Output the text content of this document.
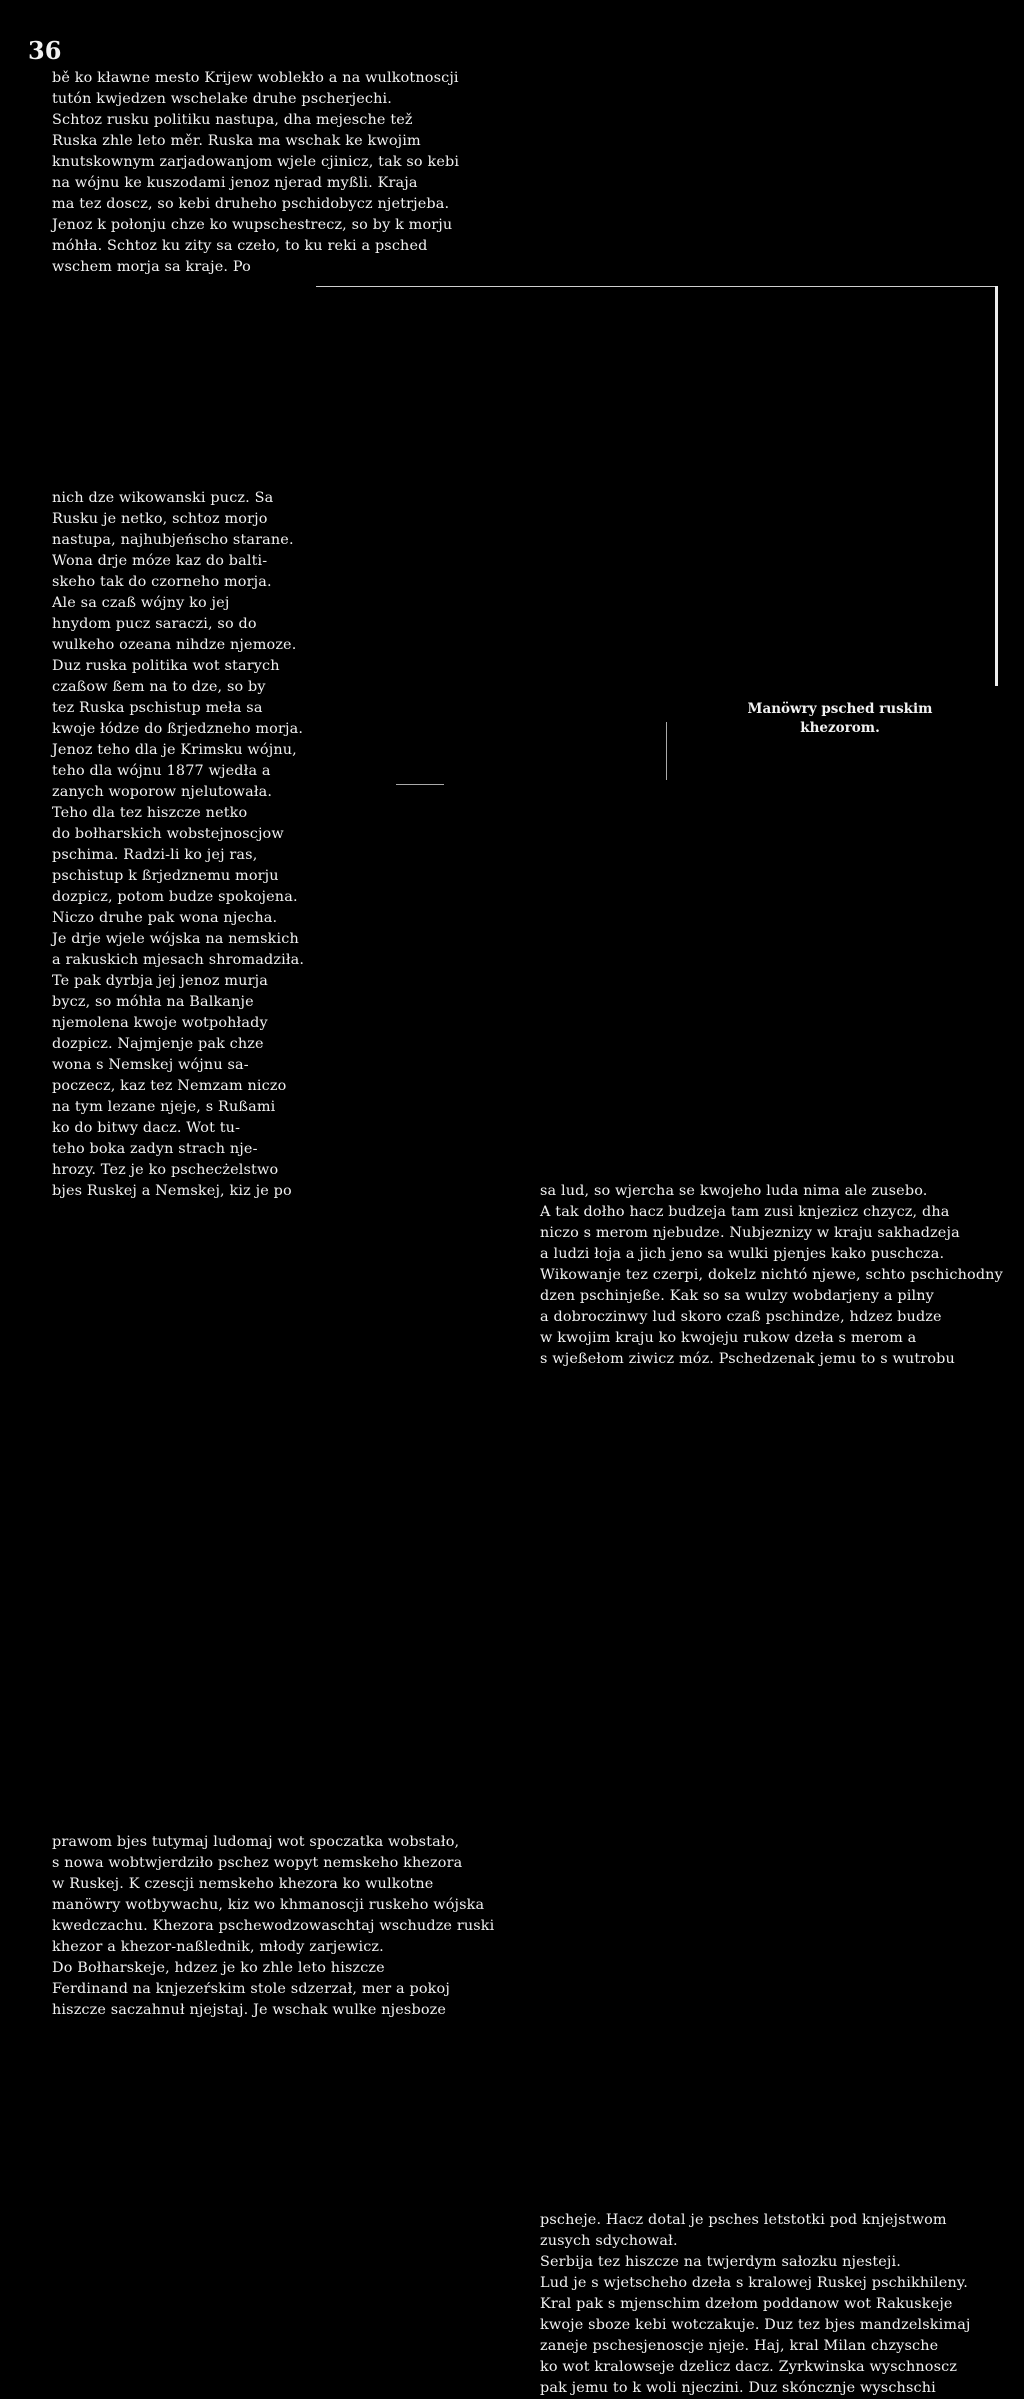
36
bě ko kławne mesto Krijew woblekło a na wulkotnoscji
tutón kwjedzen wschelake druhe pscherjechi.
Schtoz rusku politiku nastupa, dha mejesche tež
Ruska zhle leto měr. Ruska ma wschak ke kwojim
knutskownym zarjadowanjom wjele cjinicz, tak so kebi
na wójnu ke kuszodami jenoz njerad myßli. Kraja
ma tez doscz, so kebi druheho pschidobycz njetrjeba.
Jenoz k połonju chze ko wupschestrecz, so by k morju
móhła. Schtoz ku zity sa czeło, to ku reki a psched
wschem morja sa kraje. Po
nich dze wikowanski pucz. Sa
Rusku je netko, schtoz morjo
nastupa, najhubjeńscho starane.
Wona drje móze kaz do balti-
skeho tak do czorneho morja.
Ale sa czaß wójny ko jej
hnydom pucz saraczi, so do
wulkeho ozeana nihdze njemoze.
Duz ruska politika wot starych
czaßow ßem na to dze, so by
tez Ruska pschistup meła sa
kwoje łódze do ßrjedzneho morja.
Jenoz teho dla je Krimsku wójnu,
teho dla wójnu 1877 wjedła a
zanych woporow njelutowała.
Teho dla tez hiszcze netko
do bołharskich wobstejnoscjow
pschima. Radzi-li ko jej ras,
pschistup k ßrjedznemu morju
dozpicz, potom budze spokojena.
Niczo druhe pak wona njecha.
Je drje wjele wójska na nemskich
a rakuskich mjesach shromadziła.
Te pak dyrbja jej jenoz murja
bycz, so móhła na Balkanje
njemolena kwoje wotpohłady
dozpicz. Najmjenje pak chze
wona s Nemskej wójnu sa-
poczecz, kaz tez Nemzam niczo
na tym lezane njeje, s Rußami
ko do bitwy dacz. Wot tu-
teho boka zadyn strach nje-
hrozy. Tez je ko pschecżelstwo
bjes Ruskej a Nemskej, kiz je po
prawom bjes tutymaj ludomaj wot spoczatka wobstało,
s nowa wobtwjerdziło pschez wopyt nemskeho khezora
w Ruskej. K czescji nemskeho khezora ko wulkotne
manöwry wotbywachu, kiz wo khmanoscji ruskeho wójska
kwedczachu. Khezora pschewodzowaschtaj wschudze ruski
khezor a khezor-naßlednik, młody zarjewicz.
Do Bołharskeje, hdzez je ko zhle leto hiszcze
Ferdinand na knjezeŕskim stole sdzerzał, mer a pokoj
hiszcze saczahnuł njejstaj. Je wschak wulke njesboze
sa lud, so wjercha se kwojeho luda nima ale zusebo.
A tak dołho hacz budzeja tam zusi knjezicz chzycz, dha
niczo s merom njebudze. Nubjeznizy w kraju sakhadzeja
a ludzi łoja a jich jeno sa wulki pjenjes kako puschcza.
Wikowanje tez czerpi, dokelz nichtó njewe, schto pschichodny
dzen pschinjeße. Kak so sa wulzy wobdarjeny a pilny
a dobroczinwy lud skoro czaß pschindze, hdzez budze
w kwojim kraju ko kwojeju rukow dzeła s merom a
s wjeßełom ziwicz móz. Pschedzenak jemu to s wutrobu
pscheje. Hacz dotal je psches letstotki pod knjejstwom
zusych sdychował.
Serbija tez hiszcze na twjerdym sałozku njesteji.
Lud je s wjetscheho dzeła s kralowej Ruskej pschikhileny.
Kral pak s mjenschim dzełom poddanow wot Rakuskeje
kwoje sboze kebi wotczakuje. Duz tez bjes mandzelskimaj
zaneje pschesjenoscje njeje. Haj, kral Milan chzysche
ko wot kralowseje dzelicz dacz. Zyrkwinska wyschnoscz
pak jemu to k woli njeczini. Duz skóncznje wyschschi
Manöwry psched ruskim
khezorom.
